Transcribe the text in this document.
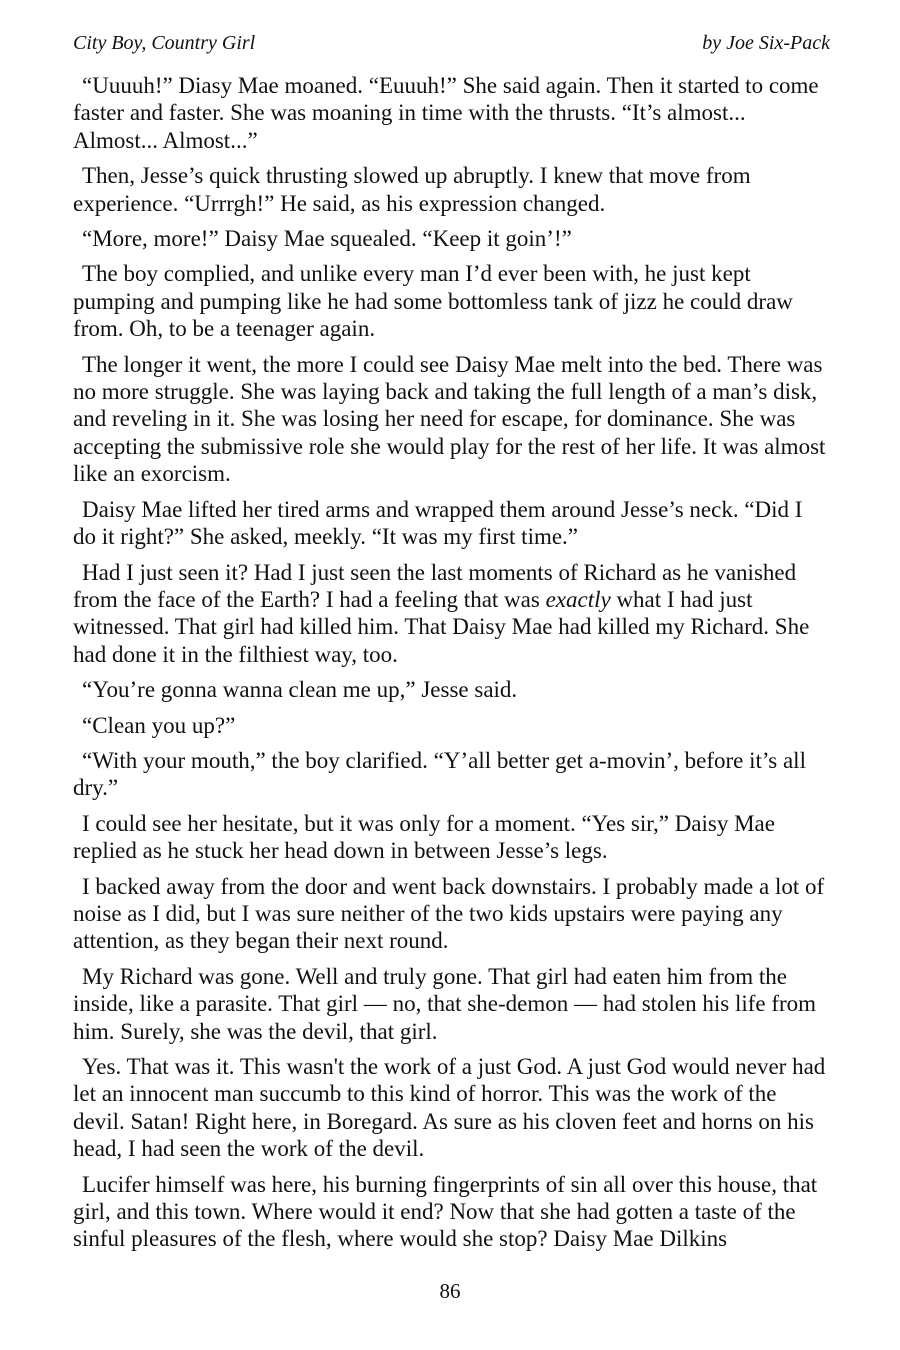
City Boy, Country Girl	by Joe Six-Pack

“Uuuuh!” Diasy Mae moaned. “Euuuh!” She said again. Then it started to come faster and faster. She was moaning in time with the thrusts. “It’s almost... Almost... Almost...”

Then, Jesse’s quick thrusting slowed up abruptly. I knew that move from experience. “Urrrgh!” He said, as his expression changed.

“More, more!” Daisy Mae squealed. “Keep it goin’!”

The boy complied, and unlike every man I’d ever been with, he just kept pumping and pumping like he had some bottomless tank of jizz he could draw from. Oh, to be a teenager again.

The longer it went, the more I could see Daisy Mae melt into the bed. There was no more struggle. She was laying back and taking the full length of a man’s disk, and reveling in it. She was losing her need for escape, for dominance. She was accepting the submissive role she would play for the rest of her life. It was almost like an exorcism.

Daisy Mae lifted her tired arms and wrapped them around Jesse’s neck. “Did I do it right?” She asked, meekly. “It was my first time.”

Had I just seen it? Had I just seen the last moments of Richard as he vanished from the face of the Earth? I had a feeling that was exactly what I had just witnessed. That girl had killed him. That Daisy Mae had killed my Richard. She had done it in the filthiest way, too.

“You’re gonna wanna clean me up,” Jesse said.

“Clean you up?”

“With your mouth,” the boy clarified. “Y’all better get a-movin’, before it’s all dry.”

I could see her hesitate, but it was only for a moment. “Yes sir,” Daisy Mae replied as he stuck her head down in between Jesse’s legs.

I backed away from the door and went back downstairs. I probably made a lot of noise as I did, but I was sure neither of the two kids upstairs were paying any attention, as they began their next round.

My Richard was gone. Well and truly gone. That girl had eaten him from the inside, like a parasite. That girl — no, that she-demon — had stolen his life from him. Surely, she was the devil, that girl.

Yes. That was it. This wasn't the work of a just God. A just God would never had let an innocent man succumb to this kind of horror. This was the work of the devil. Satan! Right here, in Boregard. As sure as his cloven feet and horns on his head, I had seen the work of the devil.

Lucifer himself was here, his burning fingerprints of sin all over this house, that girl, and this town. Where would it end? Now that she had gotten a taste of the sinful pleasures of the flesh, where would she stop? Daisy Mae Dilkins

86
